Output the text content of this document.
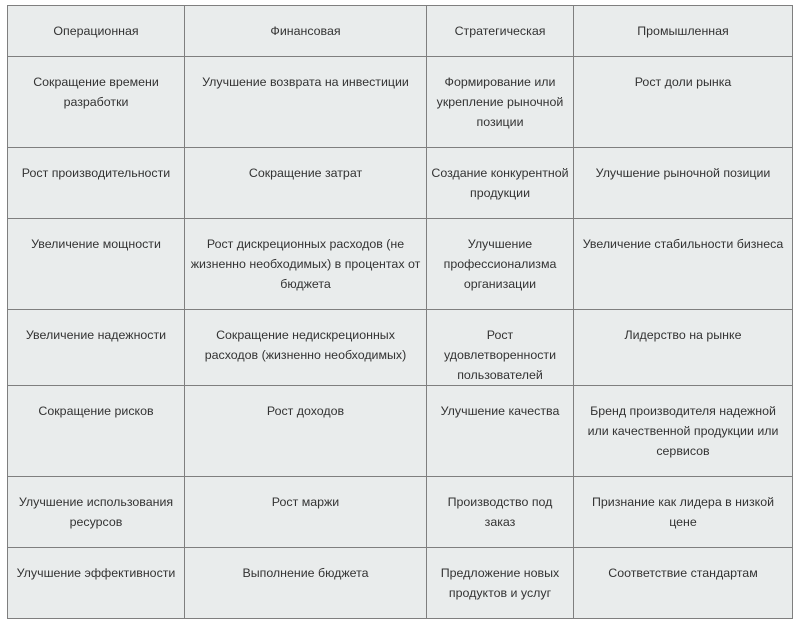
Операционная	Финансовая	Стратегическая	Промышленная
Сокращение времени разработки	Улучшение возврата на инвестиции	Формирование или укрепление рыночной позиции	Рост доли рынка
Рост производительности	Сокращение затрат	Создание конкурентной продукции	Улучшение рыночной позиции
Увеличение мощности	Рост дискреционных расходов (не жизненно необходимых) в процентах от бюджета	Улучшение профессионализма организации	Увеличение стабильности бизнеса
Увеличение надежности	Сокращение недискреционных расходов (жизненно необходимых)	Рост удовлетворенности пользователей	Лидерство на рынке
Сокращение рисков	Рост доходов	Улучшение качества	Бренд производителя надежной или качественной продукции или сервисов
Улучшение использования ресурсов	Рост маржи	Производство под заказ	Признание как лидера в низкой цене
Улучшение эффективности	Выполнение бюджета	Предложение новых продуктов и услуг	Соответствие стандартам
